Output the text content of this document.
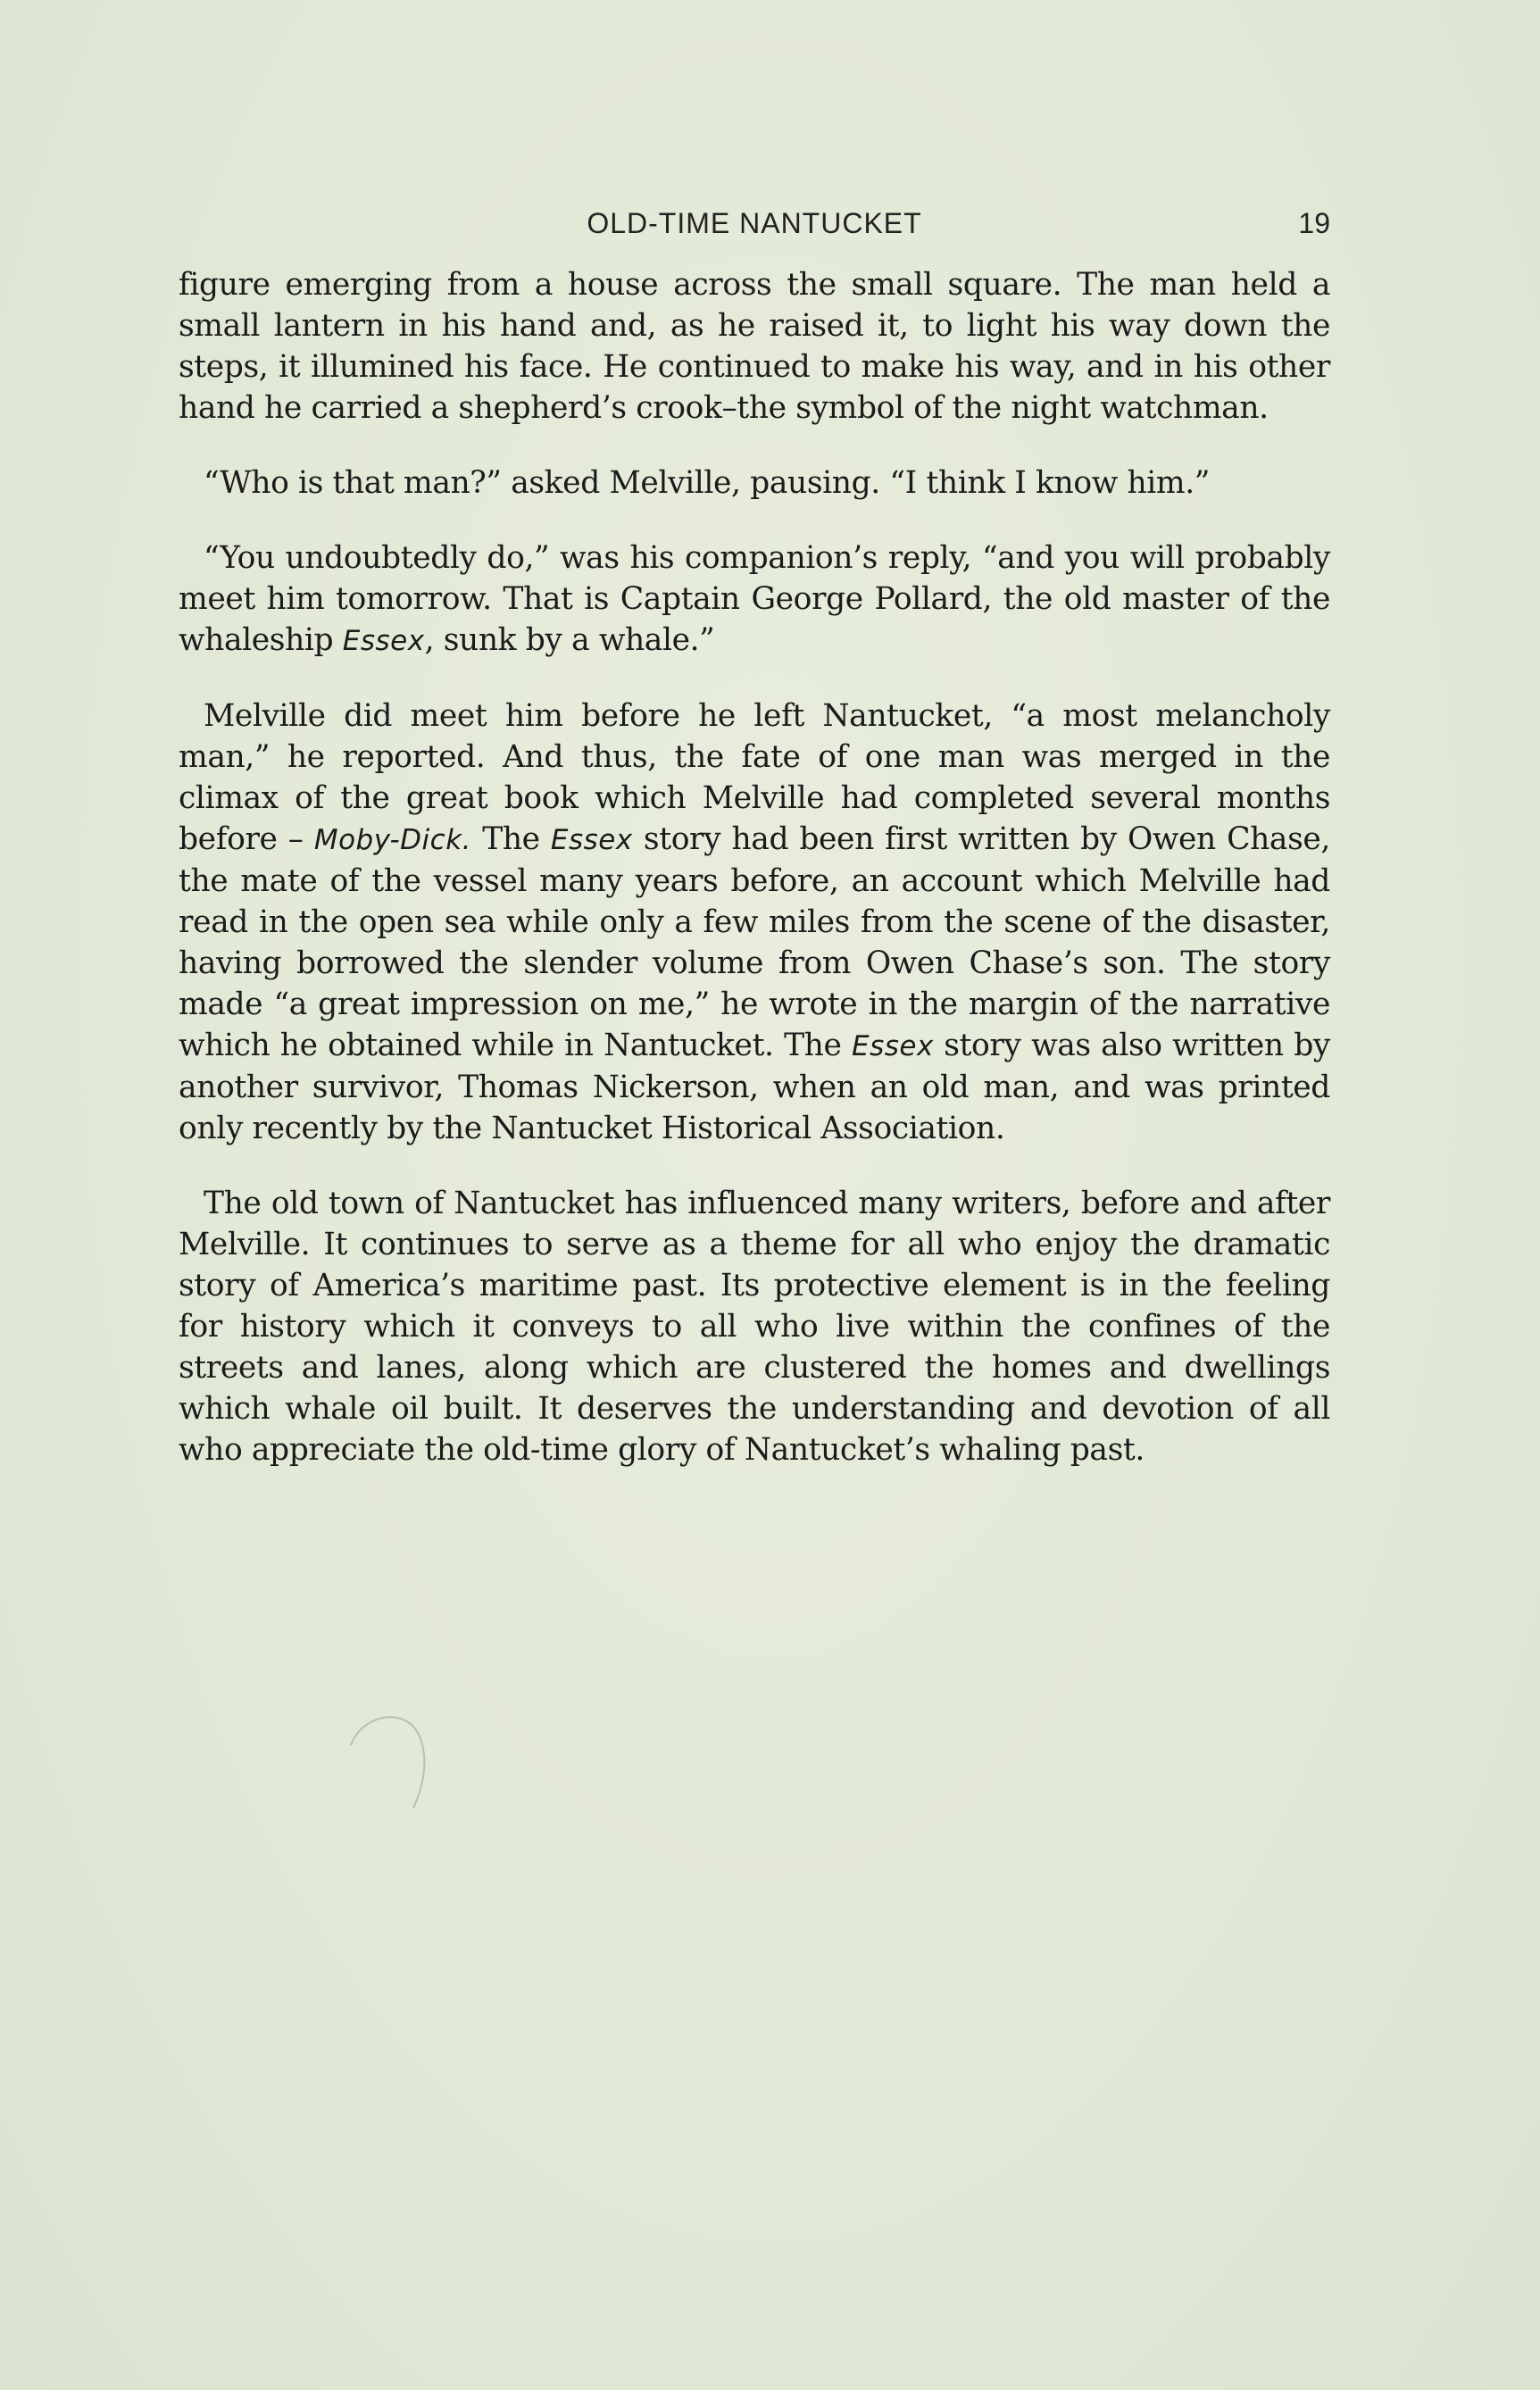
OLD-TIME NANTUCKET	19

figure emerging from a house across the small square. The man held a small lantern in his hand and, as he raised it, to light his way down the steps, it illumined his face. He continued to make his way, and in his other hand he carried a shepherd’s crook–the symbol of the night watchman.

“Who is that man?” asked Melville, pausing. “I think I know him.”

“You undoubtedly do,” was his companion’s reply, “and you will probably meet him tomorrow. That is Captain George Pollard, the old master of the whaleship Essex, sunk by a whale.”

Melville did meet him before he left Nantucket, “a most melancholy man,” he reported. And thus, the fate of one man was merged in the climax of the great book which Melville had completed several months before – Moby-Dick. The Essex story had been first written by Owen Chase, the mate of the vessel many years before, an account which Melville had read in the open sea while only a few miles from the scene of the disaster, having borrowed the slender volume from Owen Chase’s son. The story made “a great impression on me,” he wrote in the margin of the narrative which he obtained while in Nantucket. The Essex story was also written by another survivor, Thomas Nickerson, when an old man, and was printed only recently by the Nantucket Historical Association.

The old town of Nantucket has influenced many writers, before and after Melville. It continues to serve as a theme for all who enjoy the dramatic story of America’s maritime past. Its protective element is in the feeling for history which it conveys to all who live within the confines of the streets and lanes, along which are clustered the homes and dwellings which whale oil built. It deserves the understanding and devotion of all who appreciate the old-time glory of Nantucket’s whaling past.
